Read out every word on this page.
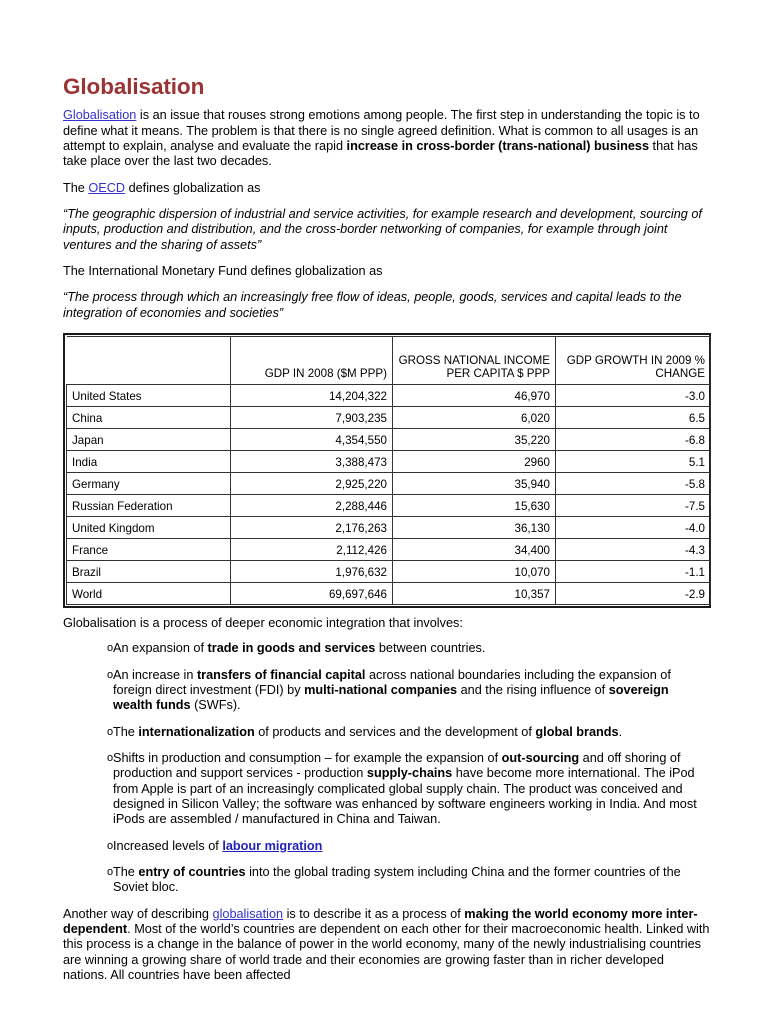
Globalisation

Globalisation is an issue that rouses strong emotions among people. The first step in understanding the topic is to define what it means. The problem is that there is no single agreed definition. What is common to all usages is an attempt to explain, analyse and evaluate the rapid increase in cross-border (trans-national) business that has take place over the last two decades.

The OECD defines globalization as

“The geographic dispersion of industrial and service activities, for example research and development, sourcing of inputs, production and distribution, and the cross-border networking of companies, for example through joint ventures and the sharing of assets”

The International Monetary Fund defines globalization as

“The process through which an increasingly free flow of ideas, people, goods, services and capital leads to the integration of economies and societies”

	GDP IN 2008 ($M PPP)	GROSS NATIONAL INCOME PER CAPITA $ PPP	GDP GROWTH IN 2009 % CHANGE
United States	14,204,322	46,970	-3.0
China	7,903,235	6,020	6.5
Japan	4,354,550	35,220	-6.8
India	3,388,473	2960	5.1
Germany	2,925,220	35,940	-5.8
Russian Federation	2,288,446	15,630	-7.5
United Kingdom	2,176,263	36,130	-4.0
France	2,112,426	34,400	-4.3
Brazil	1,976,632	10,070	-1.1
World	69,697,646	10,357	-2.9

Globalisation is a process of deeper economic integration that involves:

o An expansion of trade in goods and services between countries.
o An increase in transfers of financial capital across national boundaries including the expansion of foreign direct investment (FDI) by multi-national companies and the rising influence of sovereign wealth funds (SWFs).
o The internationalization of products and services and the development of global brands.
o Shifts in production and consumption – for example the expansion of out-sourcing and off shoring of production and support services - production supply-chains have become more international. The iPod from Apple is part of an increasingly complicated global supply chain. The product was conceived and designed in Silicon Valley; the software was enhanced by software engineers working in India. And most iPods are assembled / manufactured in China and Taiwan.
o Increased levels of labour migration
o The entry of countries into the global trading system including China and the former countries of the Soviet bloc.

Another way of describing globalisation is to describe it as a process of making the world economy more inter-dependent. Most of the world’s countries are dependent on each other for their macroeconomic health. Linked with this process is a change in the balance of power in the world economy, many of the newly industrialising countries are winning a growing share of world trade and their economies are growing faster than in richer developed nations. All countries have been affected
